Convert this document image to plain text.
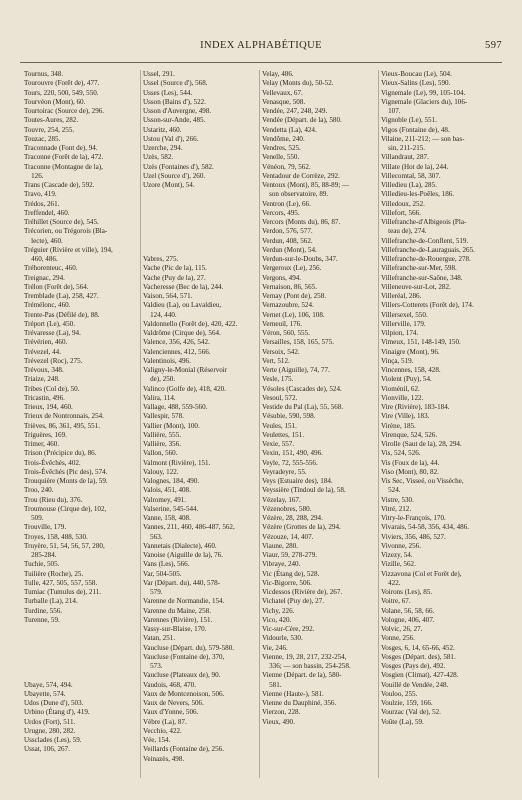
INDEX ALPHABÉTIQUE	597
Tournus, 348.
Tourouvre (Forêt de), 477.
Tours, 220, 500, 549, 550.
Tourvéon (Mont), 60.
Tourtoirac (Source de), 296.
Toutes-Aures, 282.
Touvre, 254, 255.
Touzac, 285.
Traconnade (Font de), 94.
Traconne (Forêt de la), 472.
Traconne (Montagne de la),
126.
Trans (Cascade de), 592.
Travo, 419.
Trédos, 261.
Treffendel, 460.
Tréhillet (Source de), 545.
Trécorien, ou Trégorois (Bla-
lecte), 460.
Tréguier (Rivière et ville), 194,
460, 486.
Tréhorenteuc, 460.
Treignac, 294.
Trélon (Forêt de), 564.
Tremblade (La), 258, 427.
Trémélonc, 460.
Trente-Pas (Défilé de), 88.
Tréport (Le), 450.
Trévaresse (La), 94.
Trévérien, 460.
Trévezel, 44.
Trévezel (Roc), 275.
Trévoux, 348.
Triaize, 248.
Tribes (Col de), 50.
Tricastin, 496.
Trieux, 194, 460.
Trieux de Nontronnais, 254.
Trièves, 86, 361, 495, 551.
Triguères, 169.
Trimer, 460.
Trison (Précipice du), 86.
Trois-Évêchés, 402.
Trois-Évêchés (Pic des), 574.
Trouquière (Monts de la), 59.
Troo, 240.
Trou (Rieu du), 376.
Troumouse (Cirque de), 102,
509.
Trouville, 179.
Troyes, 158, 488, 530.
Truyère, 51, 54, 56, 57, 280,
285-284.
Tuchie, 505.
Tuilière (Roche), 25.
Tulle, 427, 505, 557, 558.
Tumiac (Tumulus de), 211.
Turballe (La), 214.
Turdine, 556.
Turenne, 59.

Ubaye, 574, 494.
Ubayette, 574.
Udos (Dune d'), 503.
Urbino (Étang d'), 419.
Urdos (Fort), 511.
Urugne, 280, 282.
Ussclades (Les), 59.
Ussat, 106, 267.
Ussel, 291.
Ussel (Source d'), 568.
Usses (Les), 544.
Usson (Bains d'), 522.
Usson d'Auvergne, 498.
Usson-sur-Ande, 485.
Ustaritz, 460.
Ustou (Val d'), 266.
Uzerche, 294.
Uzès, 582.
Uzès (Fontaines d'), 582.
Uzel (Source d'), 260.
Uzore (Mont), 54.

Vabres, 275.
Vache (Pic de la), 115.
Vache (Puy de la), 27.
Vacheresse (Bec de la), 244.
Vaison, 564, 571.
Valdieu (La), ou Lavaldieu,
124, 440.
Valdonnello (Forêt de), 420, 422.
Valdrôme (Cirque de), 564.
Valence, 356, 426, 542.
Valenciennes, 412, 566.
Valentinois, 496.
Valigny-le-Monial (Réservoir
de), 250.
Valinco (Golfe de), 418, 420.
Valira, 114.
Vallage, 488, 559-560.
Vallespir, 578.
Vallier (Mont), 100.
Vallière, 555.
Vallière, 356.
Vallon, 560.
Valmont (Rivière), 151.
Valouy, 122.
Valognes, 184, 490.
Valois, 451, 408.
Valromey, 491.
Valserine, 545-544.
Vanne, 158, 408.
Vannes, 211, 460, 486-487, 562,
563.
Vannetais (Dialecte), 460.
Vanoise (Aiguille de la), 76.
Vans (Les), 566.
Var, 504-505.
Var (Départ. du), 440, 578-
579.
Varenne de Normandie, 154.
Varenne du Maine, 258.
Varennes (Rivière), 151.
Vassy-sur-Blaise, 170.
Vatan, 251.
Vaucluse (Départ. du), 579-580.
Vaucluse (Fontaine de), 370,
573.
Vaucluse (Plateaux de), 90.
Vaudois, 468, 470.
Vaux de Montcenoison, 506.
Vaux de Nevers, 506.
Vaux d'Yonne, 506.
Vèbre (La), 87.
Vecchio, 422.
Vée, 154.
Veillards (Fontaine de), 256.
Veinazès, 498.
Velay, 486.
Velay (Monts du), 50-52.
Vellevaux, 67.
Venasque, 508.
Vendée, 247, 248, 249.
Vendée (Départ. de la), 580.
Vendetta (La), 424.
Vendôme, 240.
Vendres, 525.
Venelle, 550.
Vénéon, 79, 562.
Ventadour de Corrèze, 292.
Ventoux (Mont), 85, 88-89; —
son observatoire, 89.
Ventron (Le), 66.
Vercors, 495.
Vercors (Monts du), 86, 87.
Verdon, 576, 577.
Verdun, 408, 562.
Verdun (Mont), 54.
Verdun-sur-le-Doubs, 347.
Vergeroux (Le), 256.
Vergons, 494.
Vernaison, 86, 565.
Vernay (Pont de), 258.
Vernazoubre, 524.
Vernet (Le), 106, 108.
Verneuil, 176.
Véron, 560, 555.
Versailles, 158, 165, 575.
Versoix, 542.
Vert, 512.
Verte (Aiguille), 74, 77.
Vesle, 175.
Vésoles (Cascades de), 524.
Vesoul, 572.
Vestide du Pal (La), 55, 568.
Vésubie, 590, 598.
Veules, 151.
Veulettes, 151.
Vexie, 557.
Vexin, 151, 490, 496.
Veyle, 72, 555-556.
Veyradeyre, 55.
Veys (Estuaire des), 184.
Veyssière (Tindoul de la), 58.
Vézelay, 167.
Vézenobres, 580.
Vézère, 28, 288, 294.
Vézère (Grottes de la), 294.
Vézouze, 14, 407.
Viaune, 280.
Viaur, 59, 278-279.
Vibraye, 240.
Vic (Étang de), 528.
Vic-Bigorre, 506.
Vicdessos (Rivière de), 267.
Vichatel (Puy de), 27.
Vichy, 226.
Vico, 420.
Vic-sur-Cère, 292.
Vidourle, 530.
Vie, 246.
Vienne, 19, 28, 217, 232-254,
336; — son bassin, 254-258.
Vienne (Départ. de la), 580-
581.
Vienne (Haute-), 581.
Vienne du Dauphiné, 356.
Vierzon, 228.
Vieux, 490.
Vieux-Boucau (Le), 504.
Vieux-Salins (Les), 590.
Vignemale (Le), 99, 105-104.
Vignemale (Glaciers du), 106-
107.
Vignoble (Le), 551.
Vigos (Fontaine de), 48.
Vilaine, 211-212; — son bas-
sin, 211-215.
Villandraut, 287.
Villate (Hot de la), 244.
Villecomtal, 58, 307.
Villedieu (La), 285.
Villedieu-les-Poêles, 186.
Villedoux, 252.
Villefort, 566.
Villefranche-d'Albigeois (Pla-
teau de), 274.
Villefranche-de-Conflent, 519.
Villefranche-de-Lauraguais, 265.
Villefranche-de-Rouergue, 278.
Villefranche-sur-Mer, 598.
Villefranche-sur-Saône, 348.
Villeneuve-sur-Lot, 282.
Villeréal, 286.
Villers-Cotterets (Forêt de), 174.
Villersexel, 550.
Villerville, 179.
Vilpion, 174.
Vimeux, 151, 148-149, 150.
Vinaigre (Mont), 96.
Vinça, 519.
Vincennes, 158, 428.
Violent (Puy), 54.
Vioménil, 62.
Vionville, 122.
Vire (Rivière), 183-184.
Vire (Ville), 183.
Virène, 185.
Virenque, 524, 526.
Virolle (Saut de la), 28, 294.
Vis, 524, 526.
Vis (Foux de la), 44.
Viso (Mont), 80, 82.
Vis Sec, Visseé, ou Vissèche,
524.
Vistre, 530.
Vitré, 212.
Vitry-le-François, 170.
Vivarais, 54-58, 356, 434, 486.
Viviers, 356, 486, 527.
Vivonne, 256.
Vizezy, 54.
Vizille, 562.
Vizzavona (Col et Forêt de),
422.
Voirons (Les), 85.
Voitre, 67.
Volane, 56, 58, 66.
Vologne, 406, 407.
Volvic, 26, 27.
Vonne, 256.
Vosges, 6, 14, 65-66, 452.
Vosges (Départ. des), 581.
Vosges (Pays de), 492.
Vosgien (Climat), 427-428.
Vouillé de Vendée, 248.
Vouloo, 255.
Voulzie, 159, 166.
Vourzac (Val de), 52.
Voûte (La), 59.
